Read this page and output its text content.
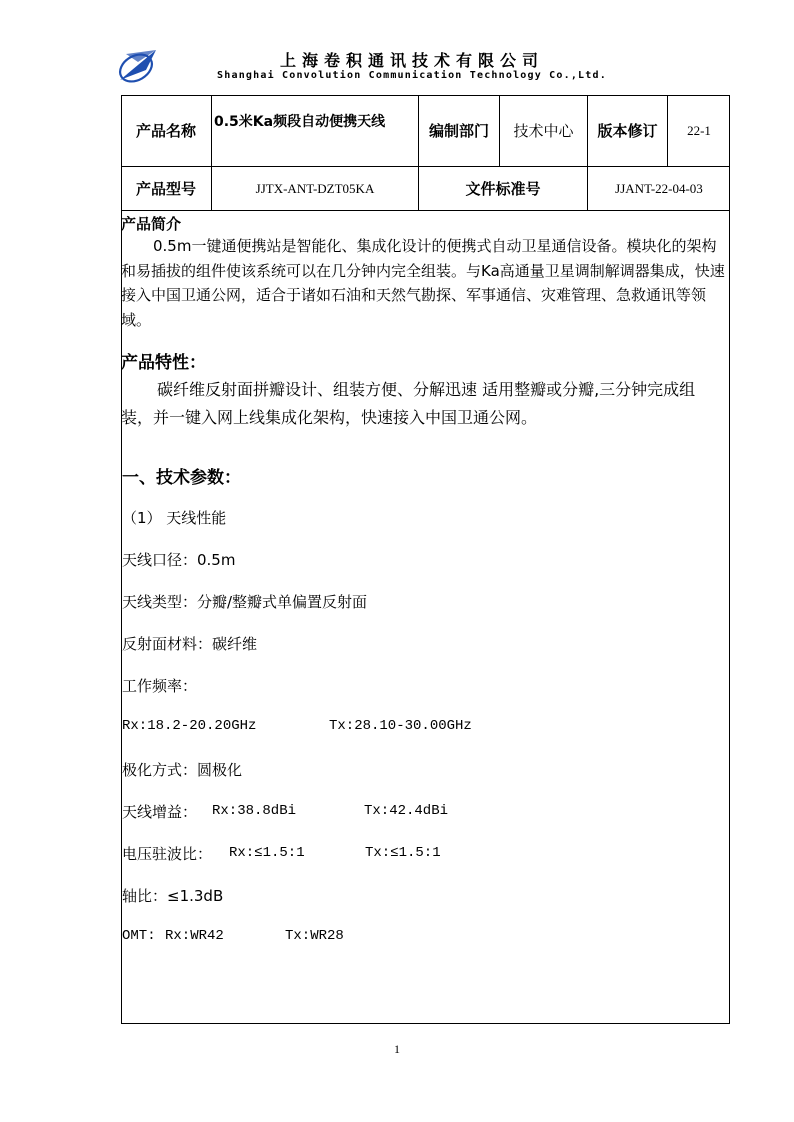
上海卷积通讯技术有限公司
Shanghai Convolution Communication Technology Co.,Ltd.
产品名称	0.5米Ka频段自动便携天线	编制部门	技术中心	版本修订	22-1
产品型号	JJTX-ANT-DZT05KA	文件标准号	JJANT-22-04-03
产品简介

0.5m一键通便携站是智能化、集成化设计的便携式自动卫星通信设备。模块化的架构和易插拔的组件使该系统可以在几分钟内完全组装。与Ka高通量卫星调制解调器集成，快速接入中国卫通公网，适合于诸如石油和天然气勘探、军事通信、灾难管理、急救通讯等领域。

产品特性：

碳纤维反射面拼瓣设计、组装方便、分解迅速 适用整瓣或分瓣,三分钟完成组装，并一键入网上线集成化架构，快速接入中国卫通公网。

一、技术参数：
（1） 天线性能
天线口径：0.5m
天线类型：分瓣/整瓣式单偏置反射面
反射面材料：碳纤维
工作频率：
Rx:18.2-20.20GHz	Tx:28.10-30.00GHz
极化方式：圆极化
天线增益： Rx:38.8dBi	Tx:42.4dBi
电压驻波比： Rx:≤1.5:1	Tx:≤1.5:1
轴比：≤1.3dB
OMT: Rx:WR42	Tx:WR28
1
